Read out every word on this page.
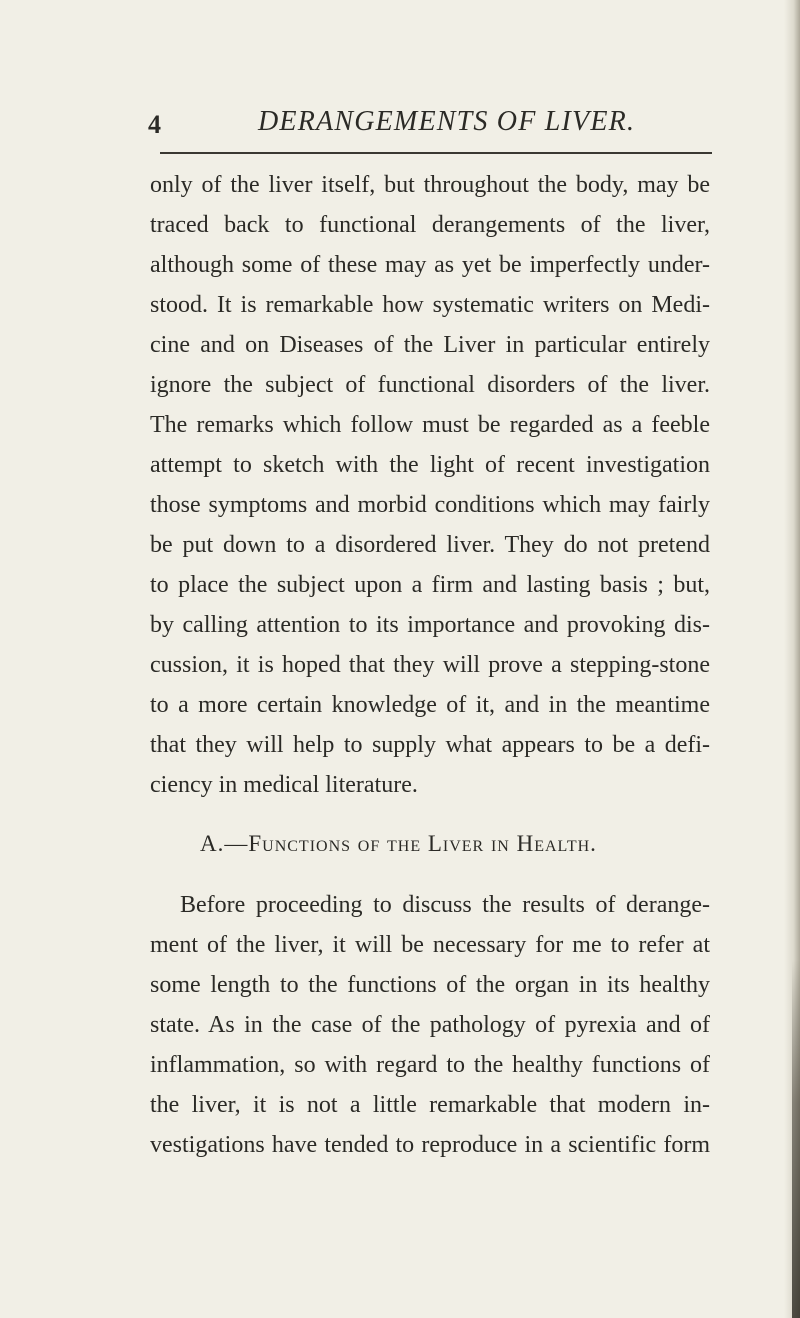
4	DERANGEMENTS OF LIVER.
only of the liver itself, but throughout the body, may be
traced back to functional derangements of the liver,
although some of these may as yet be imperfectly under-
stood. It is remarkable how systematic writers on Medi-
cine and on Diseases of the Liver in particular entirely
ignore the subject of functional disorders of the liver.
The remarks which follow must be regarded as a feeble
attempt to sketch with the light of recent investigation
those symptoms and morbid conditions which may fairly
be put down to a disordered liver. They do not pretend
to place the subject upon a firm and lasting basis ; but,
by calling attention to its importance and provoking dis-
cussion, it is hoped that they will prove a stepping-stone
to a more certain knowledge of it, and in the meantime
that they will help to supply what appears to be a defi-
ciency in medical literature.
A.—Functions of the Liver in Health.
Before proceeding to discuss the results of derange-
ment of the liver, it will be necessary for me to refer at
some length to the functions of the organ in its healthy
state. As in the case of the pathology of pyrexia and of
inflammation, so with regard to the healthy functions of
the liver, it is not a little remarkable that modern in-
vestigations have tended to reproduce in a scientific form
